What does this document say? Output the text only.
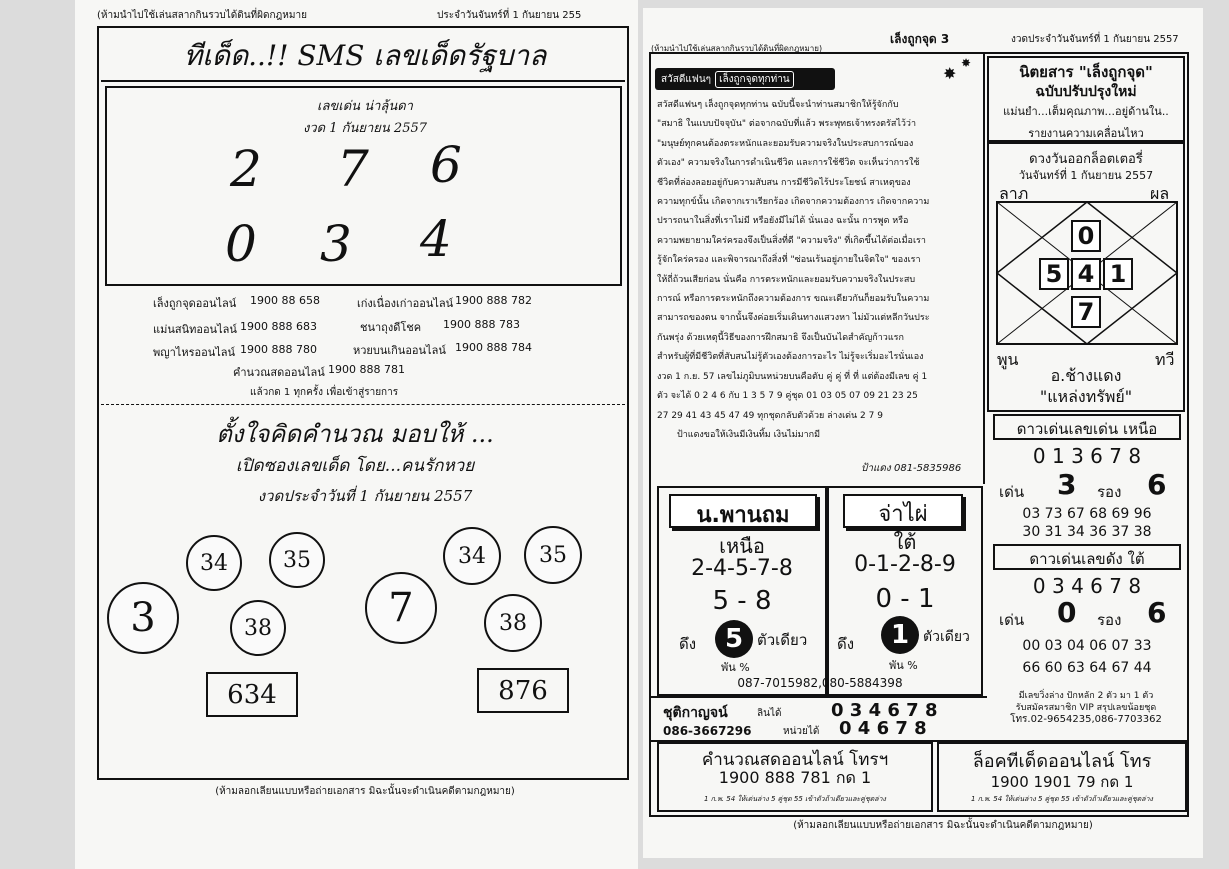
(ห้ามนำไปใช้เล่นสลากกินรวบได้ดินที่ผิดกฎหมาย	ประจำวันจันทร์ที่ 1 กันยายน 255
ทีเด็ด..!! SMS เลขเด็ดรัฐบาล
เลขเด่น น่าลุ้นดา
งวด 1 กันยายน 2557
2 7 6
0 3 4
เล็งถูกจุดออนไลน์ 1900 88 658	เก่งเนื่องเก่าออนไลน์ 1900 888 782
แม่นสนิทออนไลน์ 1900 888 683	ชนาถุงดีโชค 1900 888 783
พญาไหรออนไลน์ 1900 888 780	หวยบนเกินออนไลน์ 1900 888 784
คำนวณสดออนไลน์ 1900 888 781
แล้วกด 1 ทุกครั้ง เพื่อเข้าสู่รายการ
ตั้งใจคิดคำนวณ มอบให้ ...
เปิดซองเลขเด็ด โดย...คนรักหวย
งวดประจำวันที่ 1 กันยายน 2557
3
34	35
38
634
7
34 35
38
876
(ห้ามลอกเลียนแบบหรือถ่ายเอกสาร มิฉะนั้นจะดำเนินคดีตามกฎหมาย)
(ห้ามนำไปใช้เล่นสลากกินรวบได้ดินที่ผิดกฎหมาย)
เล็งถูกจุด 3	งวดประจำวันจันทร์ที่ 1 กันยายน 2557
สวัสดีแฟนๆ เล็งถูกจุดทุกท่าน	✸
✸
สวัสดีแฟนๆ เล็งถูกจุดทุกท่าน ฉบับนี้จะนำท่านสมาชิกให้รู้จักกับ
"สมาธิ ในแบบปัจจุบัน" ต่อจากฉบับที่แล้ว พระพุทธเจ้าทรงตรัสไว้ว่า
"มนุษย์ทุกคนต้องตระหนักและยอมรับความจริงในประสบการณ์ของ
ตัวเอง" ความจริงในการดำเนินชีวิต และการใช้ชีวิต จะเห็นว่าการใช้
ชีวิตที่ล่องลอยอยู่กับความสับสน การมีชีวิตไร้ประโยชน์ สาเหตุของ
ความทุกข์นั้น เกิดจากเราเรียกร้อง เกิดจากความต้องการ เกิดจากความ
ปรารถนาในสิ่งที่เราไม่มี หรือยังมีไม่ได้ นั่นเอง ฉะนั้น การพูด หรือ
ความพยายามใคร่ครองจึงเป็นสิ่งที่ดี "ความจริง" ที่เกิดขึ้นได้ต่อเมื่อเรา
รู้จักใคร่ครอง และพิจารณาถึงสิ่งที่ "ซ่อนเร้นอยู่ภายในจิตใจ" ของเรา
ให้ถี่ถ้วนเสียก่อน นั่นคือ การตระหนักและยอมรับความจริงในประสบ
การณ์ หรือการตระหนักถึงความต้องการ ขณะเดียวกันก็ยอมรับในความ
สามารถของตน จากนั้นจึงค่อยเริ่มเดินทางแสวงหา ไม่มัวแต่หลีกวันประ
กันพรุ่ง ด้วยเหตุนี้วิธีของการฝึกสมาธิ จึงเป็นบันไดสำคัญก้าวแรก
สำหรับผู้ที่มีชีวิตที่สับสนไม่รู้ตัวเองต้องการอะไร ไม่รู้จะเริ่มอะไรนั่นเอง
งวด 1 ก.ย. 57 เลขไม่ภูมิบนหน่วยบนคือตับ คู่ คู่ ที่ ที่ แต่ต้องมีเลข คู่ 1
ตัว จะได้ 0 2 4 6 กับ 1 3 5 7 9 คู่ชุด 01 03 05 07 09 21 23 25
27 29 41 43 45 47 49 ทุกชุดกลับตัวด้วย ล่างเด่น 2 7 9
ป้าแดงขอให้เงินมีเงินทิ้ม เงินไม่มากมี
ป้าแดง 081-5835986
นิตยสาร "เล็งถูกจุด"
ฉบับปรับปรุงใหม่
แม่นยำ...เต็มคุณภาพ...อยู่ด้านใน..
รายงานความเคลื่อนไหว
ดวงวันออกล็อตเตอรี่
วันจันทร์ที่ 1 กันยายน 2557
ลาภ	ผล
พูน	ทวี
0
5 4 1
7
อ.ช้างแดง
"แหล่งทรัพย์"
ดาวเด่นเลขเด่น เหนือ
0 1 3 6 7 8
เด่น 3 รอง 6
03 73 67 68 69 96
30 31 34 36 37 38
ดาวเด่นเลขดัง ใต้
0 3 4 6 7 8
เด่น 0 รอง 6
00 03 04 06 07 33
66 60 63 64 67 44
มีเลขวิ่งล่าง ปักหลัก 2 ตัว มา 1 ตัว
รับสมัครสมาชิก VIP สรุปเลขน้อยชุด
โทร.02-9654235,086-7703362
น.พานถม
เหนือ
2-4-5-7-8
5 - 8
ดึง 5 ตัวเดียว
พัน %
จ่าไผ่
ใต้
0-1-2-8-9
0 - 1
ดึง 1 ตัวเดียว
พัน %
087-7015982,080-5884398
ชุติกาญจน์	ลินได้	0 3 4 6 7 8
086-3667296	หน่วยได้ 0 4 6 7 8
คำนวณสดออนไลน์ โทรฯ
1900 888 781 กด 1
1 ก.พ. 54 ให้เด่นล่าง 5 คู่ชุด 55 เข้าตัวถ้าเดียวและคู่ชุดล่าง
ล็อคทีเด็ดออนไลน์ โทร
1900 1901 79 กด 1
1 ก.พ. 54 ให้เด่นล่าง 5 คู่ชุด 55 เข้าตัวถ้าเดียวและคู่ชุดล่าง
(ห้ามลอกเลียนแบบหรือถ่ายเอกสาร มิฉะนั้นจะดำเนินคดีตามกฎหมาย)
